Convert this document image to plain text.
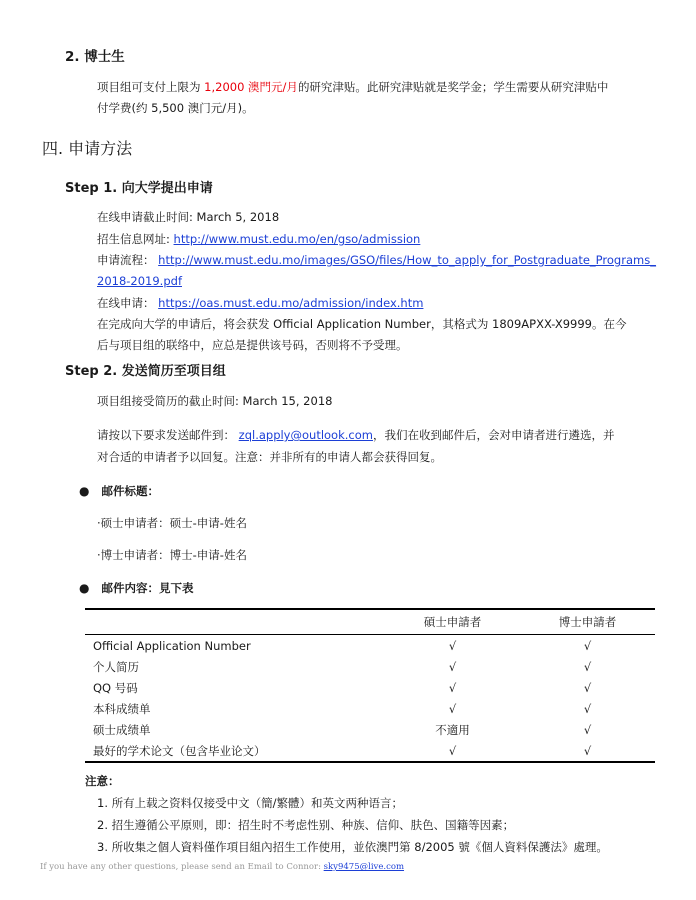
2. 博士生
项目组可支付上限为 1,2000 澳門元/月的研究津贴。此研究津贴就是奖学金；学生需要从研究津贴中
付学费(约 5,500 澳门元/月)。
四. 申请方法
Step 1. 向大学提出申请
在线申请截止时间: March 5, 2018
招生信息网址: http://www.must.edu.mo/en/gso/admission
申请流程： http://www.must.edu.mo/images/GSO/files/How_to_apply_for_Postgraduate_Programs_
2018-2019.pdf
在线申请： https://oas.must.edu.mo/admission/index.htm
在完成向大学的申请后，将会获发 Official Application Number，其格式为 1809APXX-X9999。在今
后与项目组的联络中，应总是提供该号码，否则将不予受理。
Step 2. 发送简历至项目组
项目组接受简历的截止时间: March 15, 2018
请按以下要求发送邮件到： zql.apply@outlook.com，我们在收到邮件后，会对申请者进行遴选，并
对合适的申请者予以回复。注意：并非所有的申请人都会获得回复。
● 邮件标题：
·硕士申请者：硕士-申请-姓名
·博士申请者：博士-申请-姓名
● 邮件内容：見下表
	碩士申請者	博士申請者
Official Application Number	√	√
个人简历	√	√
QQ 号码	√	√
本科成绩单	√	√
硕士成绩单	不適用	√
最好的学术论文（包含毕业论文）	√	√
注意：
1. 所有上载之资料仅接受中文（簡/繁體）和英文两种语言；
2. 招生遵循公平原则，即：招生时不考虑性别、种族、信仰、肤色、国籍等因素；
3. 所收集之個人資料僅作項目組內招生工作使用，並依澳門第 8/2005 號《個人資料保護法》處理。
If you have any other questions, please send an Email to Connor: sky9475@live.com
